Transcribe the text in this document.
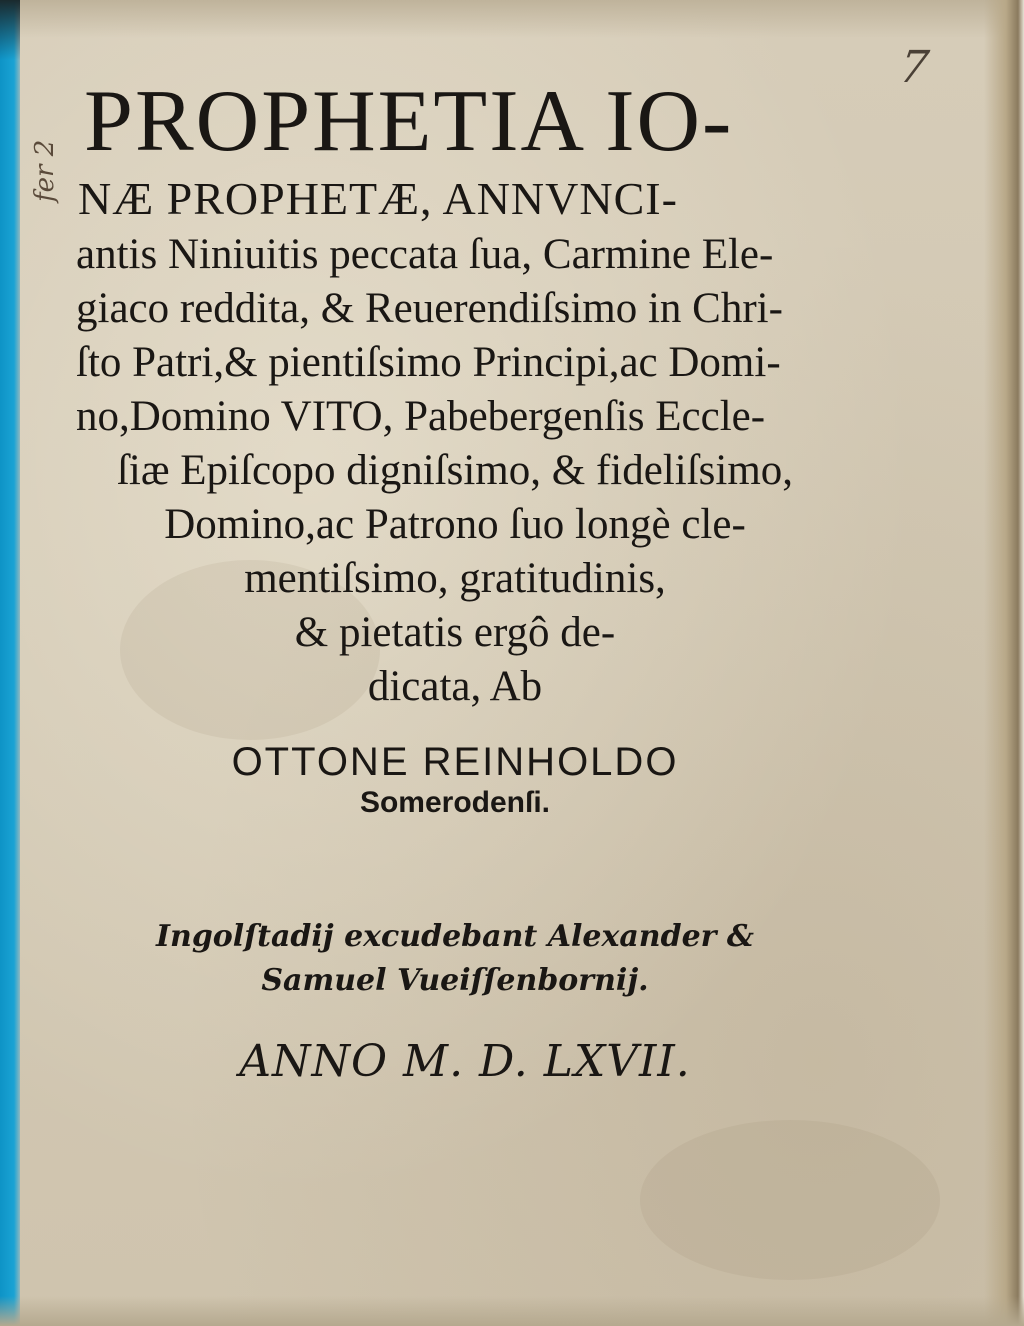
fer 2
7
PROPHETIA IO-
NÆ PROPHETÆ, ANNVNCI-
antis Niniuitis peccata ſua, Carmine Ele-
giaco reddita, & Reuerendiſsimo in Chri-
ſto Patri,& pientiſsimo Principi,ac Domi-
no,Domino VITO, Pabebergenſis Eccle-
ſiæ Epiſcopo digniſsimo, & fideliſsimo,
Domino,ac Patrono ſuo longè cle-
mentiſsimo, gratitudinis,
& pietatis ergô de-
dicata, Ab
OTTONE REINHOLDO
Somerodenſi.
Ingolſtadij excudebant Alexander &
Samuel Vueiſſenbornij.
ANNO M. D. LXVII.
